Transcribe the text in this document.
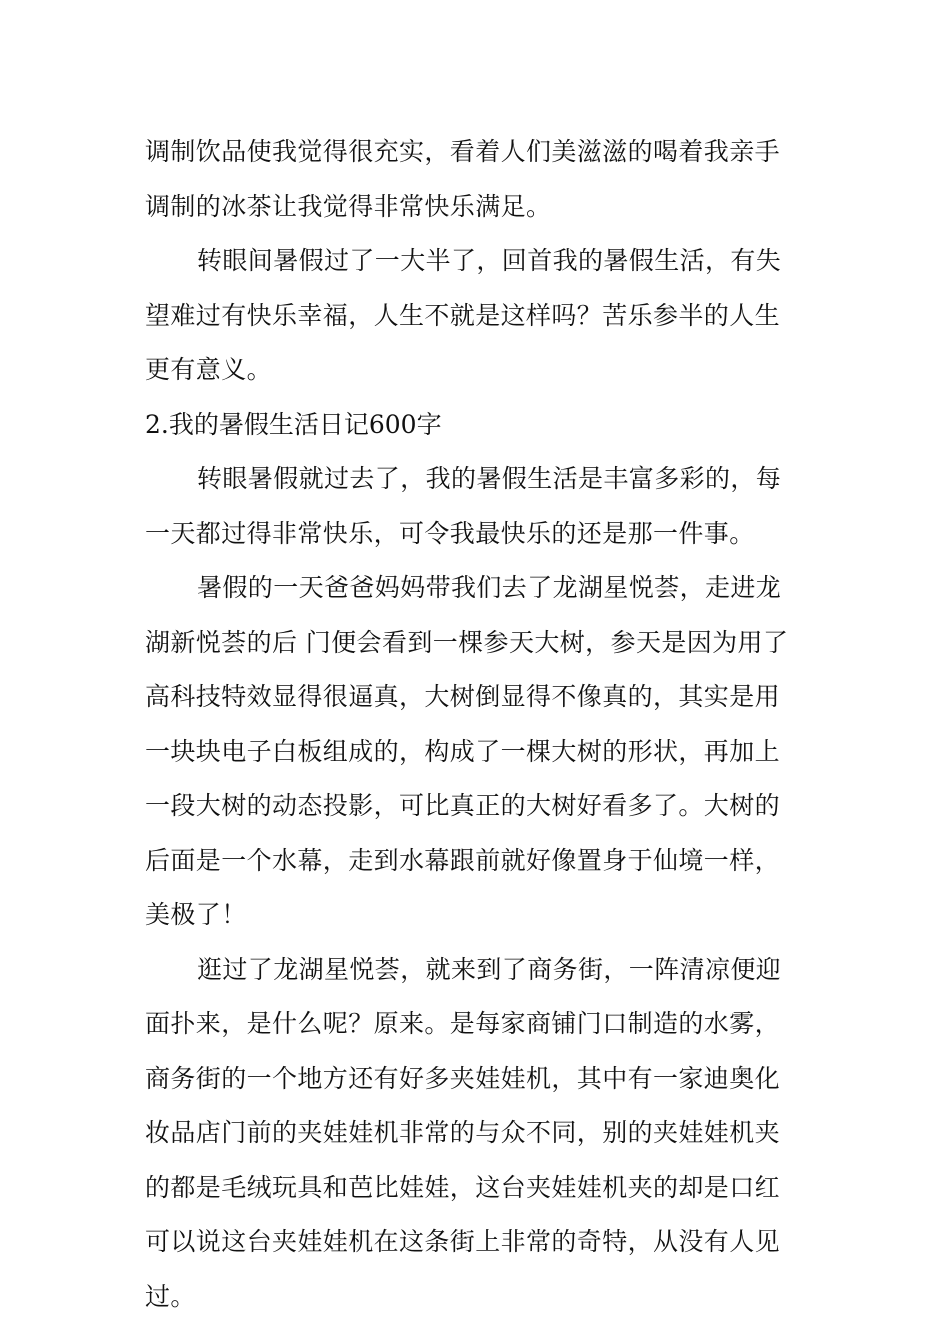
调制饮品使我觉得很充实，看着人们美滋滋的喝着我亲手
调制的冰茶让我觉得非常快乐满足。
转眼间暑假过了一大半了，回首我的暑假生活，有失
望难过有快乐幸福，人生不就是这样吗？苦乐参半的人生
更有意义。
2.我的暑假生活日记600字
转眼暑假就过去了，我的暑假生活是丰富多彩的，每
一天都过得非常快乐，可令我最快乐的还是那一件事。
暑假的一天爸爸妈妈带我们去了龙湖星悦荟，走进龙
湖新悦荟的后 门便会看到一棵参天大树，参天是因为用了
高科技特效显得很逼真，大树倒显得不像真的，其实是用
一块块电子白板组成的，构成了一棵大树的形状，再加上
一段大树的动态投影，可比真正的大树好看多了。大树的
后面是一个水幕，走到水幕跟前就好像置身于仙境一样，
美极了！
逛过了龙湖星悦荟，就来到了商务街，一阵清凉便迎
面扑来，是什么呢？原来。是每家商铺门口制造的水雾，
商务街的一个地方还有好多夹娃娃机，其中有一家迪奥化
妆品店门前的夹娃娃机非常的与众不同，别的夹娃娃机夹
的都是毛绒玩具和芭比娃娃，这台夹娃娃机夹的却是口红
可以说这台夹娃娃机在这条街上非常的奇特，从没有人见
过。
